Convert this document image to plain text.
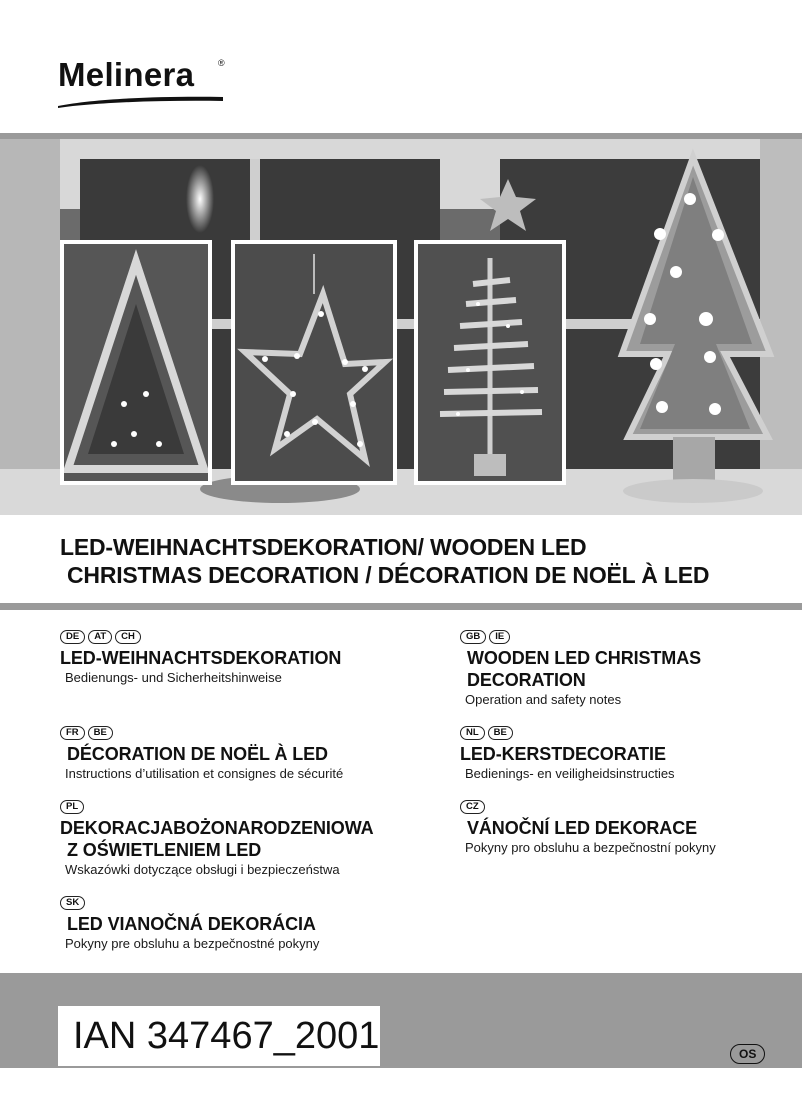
Melinera	®
LED-WEIHNACHTSDEKORATION/ WOODEN LED
CHRISTMAS DECORATION / DÉCORATION DE NOËL À LED
DE	AT	CH
LED-WEIHNACHTSDEKORATION
Bedienungs- und Sicherheitshinweise
GB	IE
WOODEN LED CHRISTMAS
DECORATION
Operation and safety notes
FR	BE
DÉCORATION DE NOËL À LED
Instructions d’utilisation et consignes de sécurité
NL	BE
LED-KERSTDECORATIE
Bedienings- en veiligheidsinstructies
PL
DEKORACJABOŻONARODZENIOWA
Z OŚWIETLENIEM LED
Wskazówki dotyczące obsługi i bezpieczeństwa
CZ
VÁNOČNÍ LED DEKORACE
Pokyny pro obsluhu a bezpečnostní pokyny
SK
LED VIANOČNÁ DEKORÁCIA
Pokyny pre obsluhu a bezpečnostné pokyny
IAN 347467_2001	OS
